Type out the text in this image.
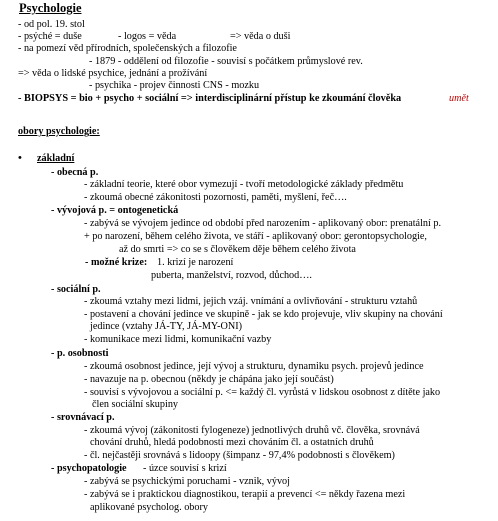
Psychologie
- od pol. 19. stol
- psýché = duše	- logos = věda	=> věda o duši
- na pomezí věd přírodních, společenských a filozofie
- 1879 - oddělení od filozofie - souvisí s počátkem průmyslové rev.
=> věda o lidské psychice, jednání a prožívání
- psychika - projev činnosti CNS - mozku
- BIOPSYS = bio + psycho + sociální => interdisciplinární přístup ke zkoumání člověka	umět
obory psychologie:
• základní
- obecná p.
- základní teorie, které obor vymezují - tvoří metodologické základy předmětu
- zkoumá obecné zákonitosti pozornosti, paměti, myšlení, řeč….
- vývojová p. = ontogenetická
- zabývá se vývojem jedince od období před narozením - aplikovaný obor: prenatální p.
+ po narození, během celého života, ve stáří - aplikovaný obor: gerontopsychologie,
až do smrti => co se s člověkem děje během celého života
- možné krize: 1. krizí je narození
puberta, manželství, rozvod, důchod….
- sociální p.
- zkoumá vztahy mezi lidmi, jejich vzáj. vnímání a ovlivňování - strukturu vztahů
- postavení a chování jedince ve skupině - jak se kdo projevuje, vliv skupiny na chování
jedince (vztahy JÁ-TY, JÁ-MY-ONI)
- komunikace mezi lidmi, komunikační vazby
- p. osobnosti
- zkoumá osobnost jedince, její vývoj a strukturu, dynamiku psych. projevů jedince
- navazuje na p. obecnou (někdy je chápána jako její součást)
- souvisí s vývojovou a sociální p. <= každý čl. vyrůstá v lidskou osobnost z dítěte jako
člen sociální skupiny
- srovnávací p.
- zkoumá vývoj (zákonitosti fylogeneze) jednotlivých druhů vč. člověka, srovnává
chování druhů, hledá podobnosti mezi chováním čl. a ostatních druhů
- čl. nejčastěji srovnává s lidoopy (šimpanz - 97,4% podobnosti s člověkem)
- psychopatologie - úzce souvisí s krizí
- zabývá se psychickými poruchami - vznik, vývoj
- zabývá se i praktickou diagnostikou, terapií a prevencí <= někdy řazena mezi
aplikované psycholog. obory
